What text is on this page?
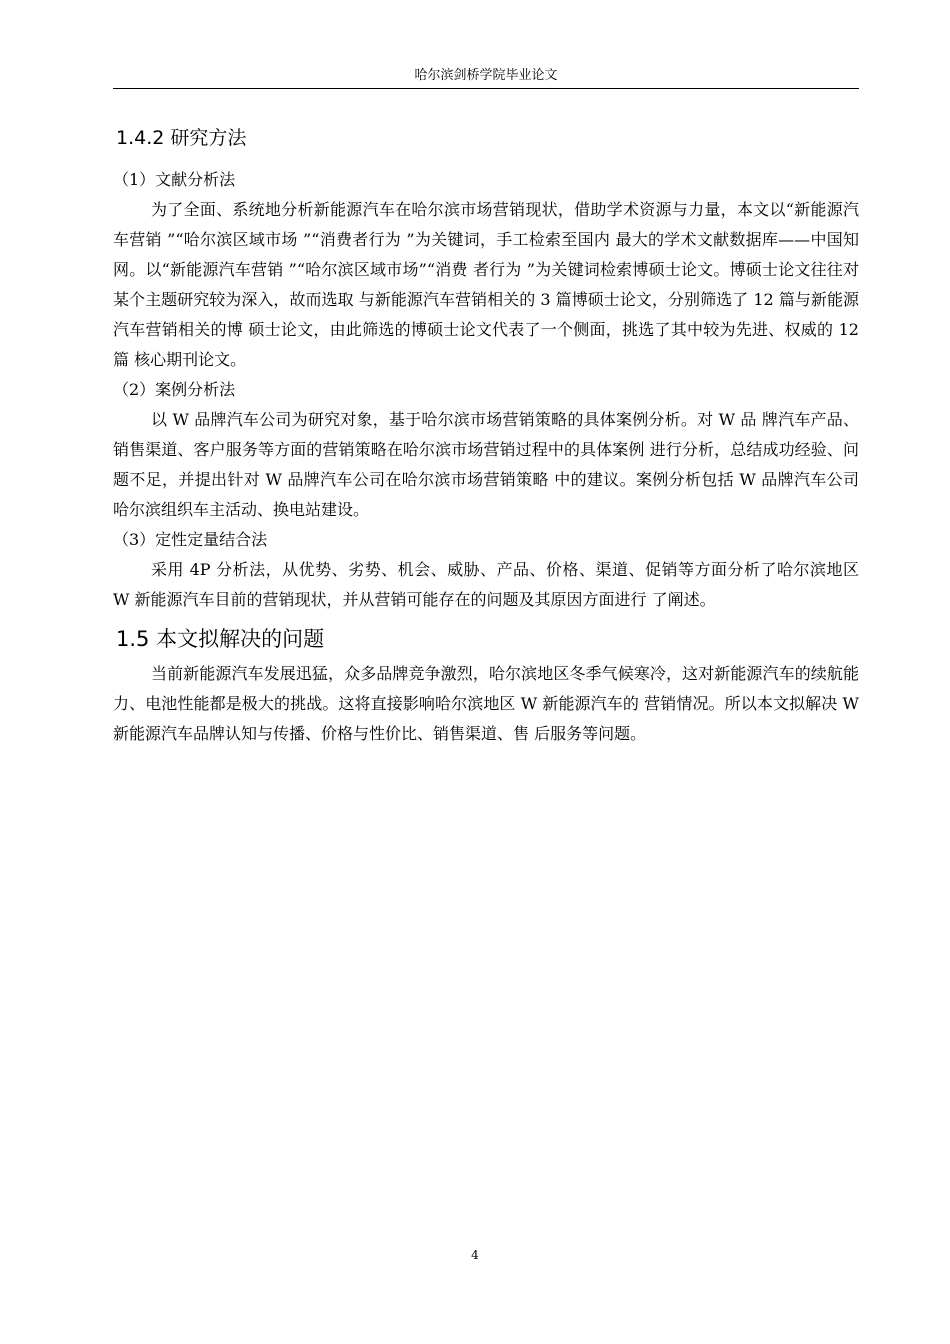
哈尔滨剑桥学院毕业论文
1.4.2 研究方法

（1）文献分析法

为了全面、系统地分析新能源汽车在哈尔滨市场营销现状，借助学术资源与力量，本文以“新能源汽车营销 ”“哈尔滨区域市场 ”“消费者行为 ”为关键词，手工检索至国内 最大的学术文献数据库——中国知网。以“新能源汽车营销 ”“哈尔滨区域市场”“消费 者行为 ”为关键词检索博硕士论文。博硕士论文往往对某个主题研究较为深入，故而选取 与新能源汽车营销相关的 3 篇博硕士论文，分别筛选了 12 篇与新能源汽车营销相关的博 硕士论文，由此筛选的博硕士论文代表了一个侧面，挑选了其中较为先进、权威的 12 篇 核心期刊论文。

（2）案例分析法

以 W 品牌汽车公司为研究对象，基于哈尔滨市场营销策略的具体案例分析。对 W 品 牌汽车产品、销售渠道、客户服务等方面的营销策略在哈尔滨市场营销过程中的具体案例 进行分析，总结成功经验、问题不足，并提出针对 W 品牌汽车公司在哈尔滨市场营销策略 中的建议。案例分析包括 W 品牌汽车公司哈尔滨组织车主活动、换电站建设。

（3）定性定量结合法

采用 4P 分析法，从优势、劣势、机会、威胁、产品、价格、渠道、促销等方面分析了哈尔滨地区 W 新能源汽车目前的营销现状，并从营销可能存在的问题及其原因方面进行 了阐述。

1.5 本文拟解决的问题

当前新能源汽车发展迅猛，众多品牌竞争激烈，哈尔滨地区冬季气候寒冷，这对新能源汽车的续航能力、电池性能都是极大的挑战。这将直接影响哈尔滨地区 W 新能源汽车的 营销情况。所以本文拟解决 W 新能源汽车品牌认知与传播、价格与性价比、销售渠道、售 后服务等问题。

4
